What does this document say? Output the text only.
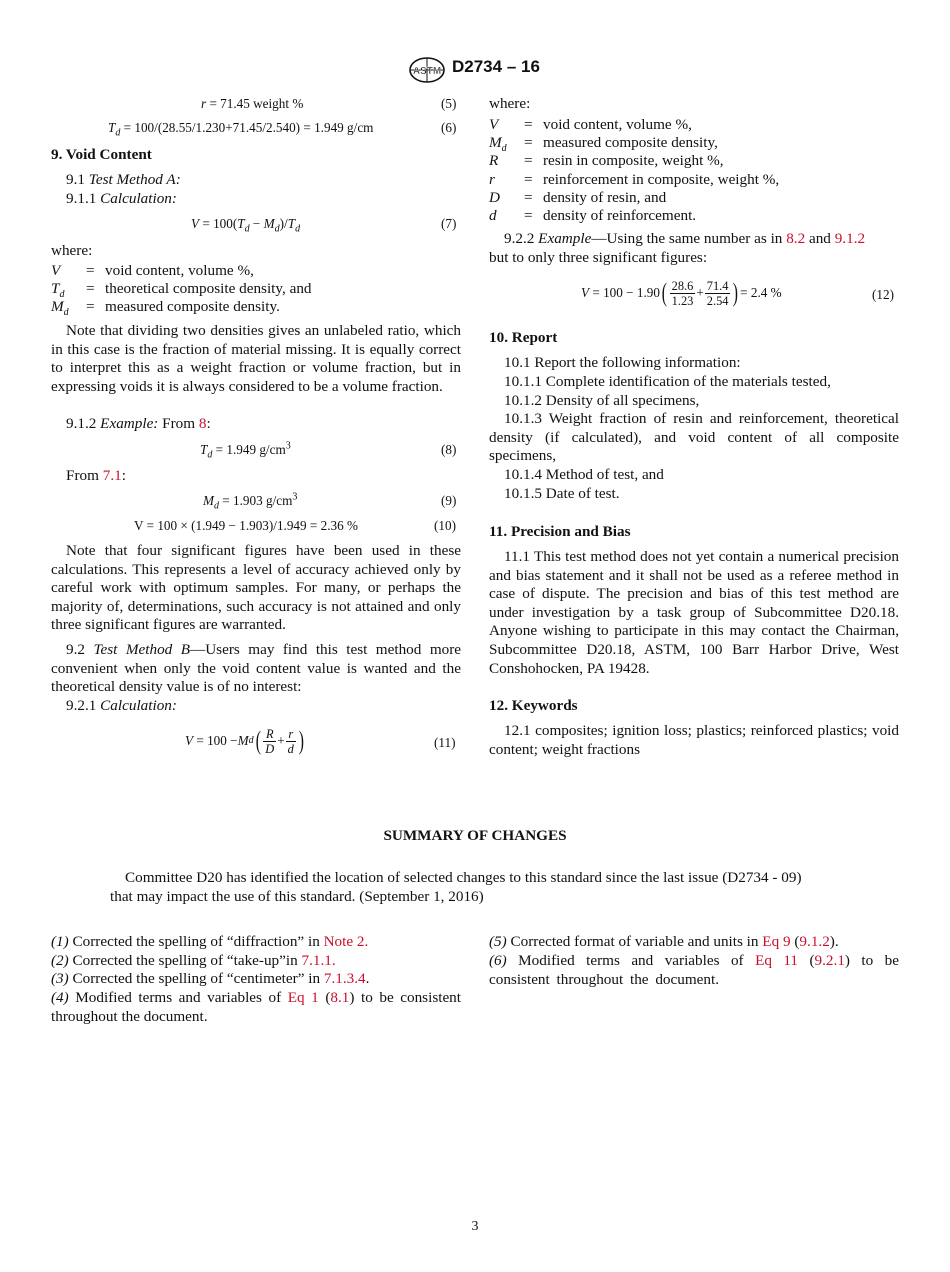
ASTM D2734 – 16
r = 71.45 weight %	(5)
$T_d = 100/(28.55/1.230+71.45/2.540) = 1.949$ g/cm	(6)
9. Void Content
9.1 Test Method A:
9.1.1 Calculation:
$V = 100(T_d - M_d)/T_d$	(7)
where:
V	=	void content, volume %,
$T_d$	=	theoretical composite density, and
$M_d$	=	measured composite density.
Note that dividing two densities gives an unlabeled ratio, which in this case is the fraction of material missing. It is equally correct to interpret this as a weight fraction or volume fraction, but in expressing voids it is always considered to be a volume fraction.
9.1.2 Example: From 8:
$T_d = 1.949$ $g/cm^3$	(8)
From 7.1:
$M_d = 1.903$ $g/cm^3$	(9)
V = 100 × (1.949 − 1.903)/1.949 = 2.36 %	(10)
Note that four significant figures have been used in these calculations. This represents a level of accuracy achieved only by careful work with optimum samples. For many, or perhaps the majority of, determinations, such accuracy is not attained and only three significant figures are warranted.
9.2 Test Method B—Users may find this test method more convenient when only the void content value is wanted and the theoretical density value is of no interest:
9.2.1 Calculation:
V = 100 − M d ( $\frac{R}{D} + \frac{r}{d}$ )	(11)
where:
V	=	void content, volume %,
$M_d$	=	measured composite density,
R	=	resin in composite, weight %,
r	=	reinforcement in composite, weight %,
D	=	density of resin, and
d	=	density of reinforcement.
9.2.2 Example—Using the same number as in 8.2 and 9.1.2
but to only three significant figures:
V = 100 − 1.90 ( $\frac{28.6}{1.23} + \frac{71.4}{2.54}$ ) = 2.4 %	(12)
10. Report
10.1 Report the following information:
10.1.1 Complete identification of the materials tested,
10.1.2 Density of all specimens,
10.1.3 Weight fraction of resin and reinforcement, theoretical density (if calculated), and void content of all composite specimens,
10.1.4 Method of test, and
10.1.5 Date of test.
11. Precision and Bias
11.1 This test method does not yet contain a numerical precision and bias statement and it shall not be used as a referee method in case of dispute. The precision and bias of this test method are under investigation by a task group of Subcommittee D20.18. Anyone wishing to participate in this may contact the Chairman, Subcommittee D20.18, ASTM, 100 Barr Harbor Drive, West Conshohocken, PA 19428.
12. Keywords
12.1 composites; ignition loss; plastics; reinforced plastics; void content; weight fractions
SUMMARY OF CHANGES
Committee D20 has identified the location of selected changes to this standard since the last issue (D2734 - 09)
that may impact the use of this standard. (September 1, 2016)
(1) Corrected the spelling of “diffraction” in Note 2.
(2) Corrected the spelling of “take-up”in 7.1.1.
(3) Corrected the spelling of “centimeter” in 7.1.3.4.
(4) Modified terms and variables of Eq 1 (8.1) to be consistent throughout the document.
(5) Corrected format of variable and units in Eq 9 (9.1.2).
(6) Modified terms and variables of Eq 11 (9.2.1) to be consistent throughout the document.
3
